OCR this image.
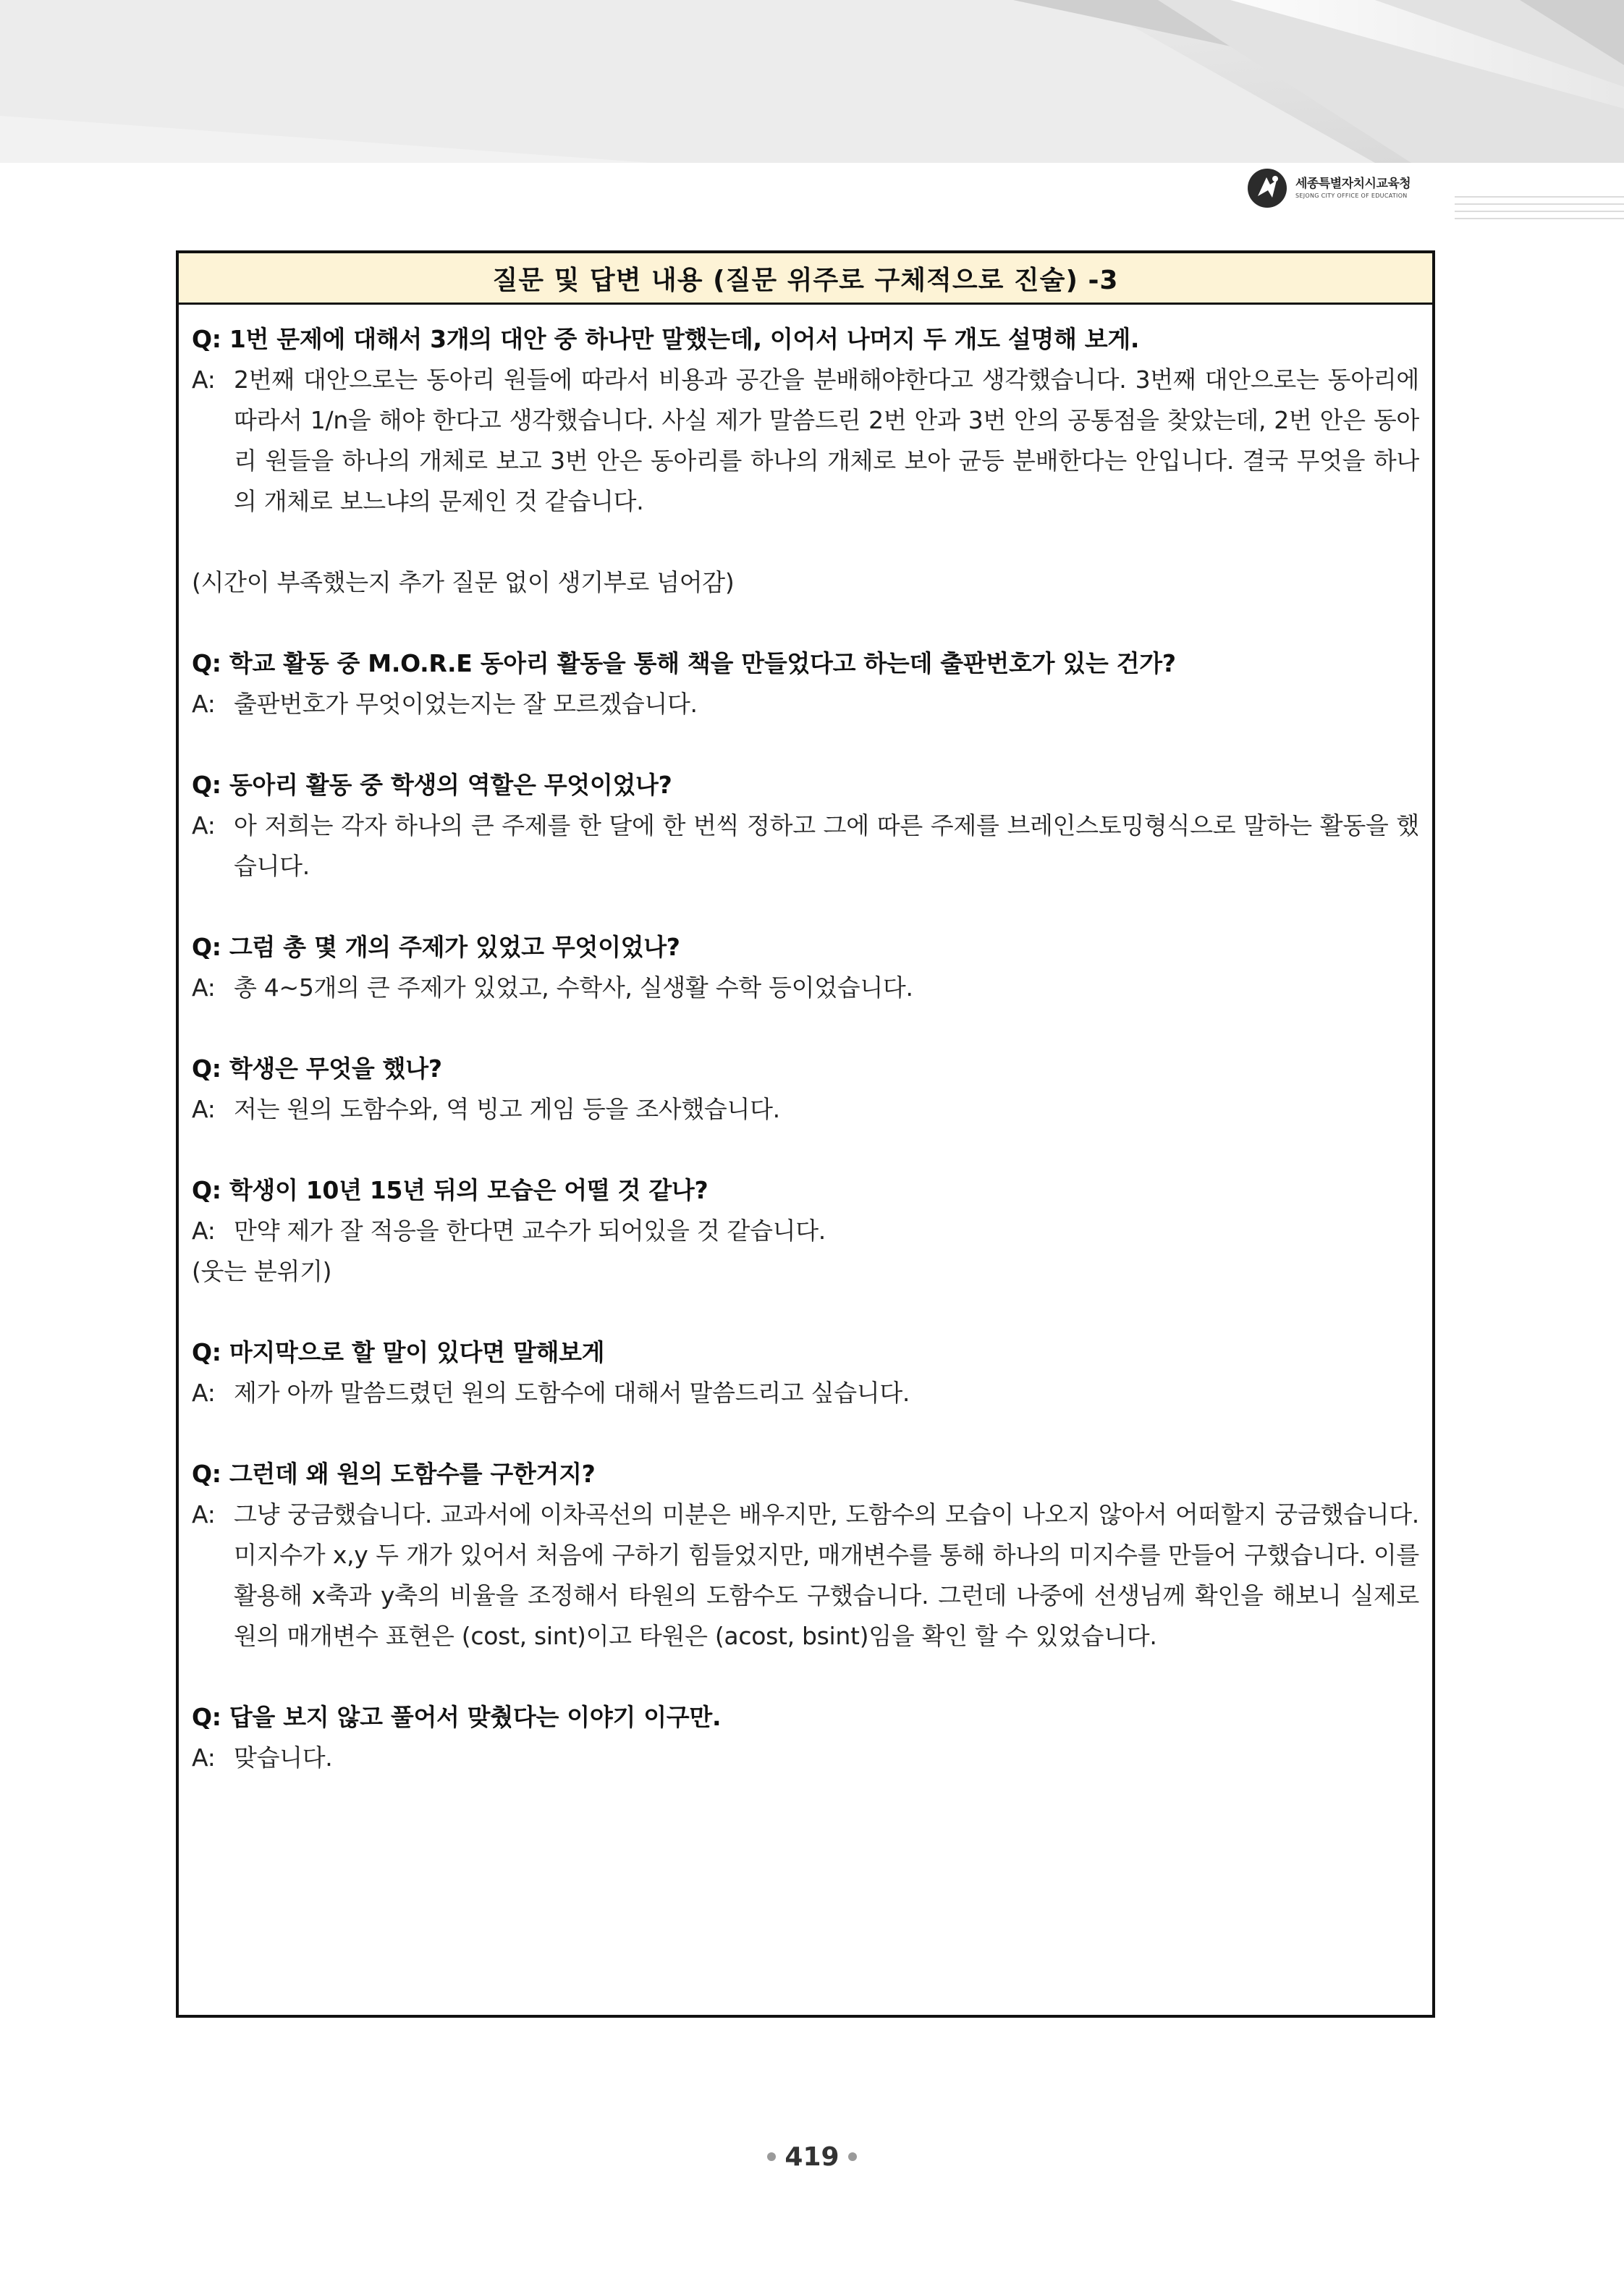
세종특별자치시교육청
SEJONG CITY OFFICE OF EDUCATION
질문 및 답변 내용 (질문 위주로 구체적으로 진술) -3
Q: 1번 문제에 대해서 3개의 대안 중 하나만 말했는데, 이어서 나머지 두 개도 설명해 보게.
A: 2번째 대안으로는 동아리 원들에 따라서 비용과 공간을 분배해야한다고 생각했습니다. 3번째 대안으로는 동아리에 따라서 1/n을 해야 한다고 생각했습니다. 사실 제가 말씀드린 2번 안과 3번 안의 공통점을 찾았는데, 2번 안은 동아리 원들을 하나의 개체로 보고 3번 안은 동아리를 하나의 개체로 보아 균등 분배한다는 안입니다. 결국 무엇을 하나의 개체로 보느냐의 문제인 것 같습니다.
(시간이 부족했는지 추가 질문 없이 생기부로 넘어감)
Q: 학교 활동 중 M.O.R.E 동아리 활동을 통해 책을 만들었다고 하는데 출판번호가 있는 건가?
A: 출판번호가 무엇이었는지는 잘 모르겠습니다.
Q: 동아리 활동 중 학생의 역할은 무엇이었나?
A: 아 저희는 각자 하나의 큰 주제를 한 달에 한 번씩 정하고 그에 따른 주제를 브레인스토밍형식으로 말하는 활동을 했습니다.
Q: 그럼 총 몇 개의 주제가 있었고 무엇이었나?
A: 총 4~5개의 큰 주제가 있었고, 수학사, 실생활 수학 등이었습니다.
Q: 학생은 무엇을 했나?
A: 저는 원의 도함수와, 역 빙고 게임 등을 조사했습니다.
Q: 학생이 10년 15년 뒤의 모습은 어떨 것 같나?
A: 만약 제가 잘 적응을 한다면 교수가 되어있을 것 같습니다.
(웃는 분위기)
Q: 마지막으로 할 말이 있다면 말해보게
A: 제가 아까 말씀드렸던 원의 도함수에 대해서 말씀드리고 싶습니다.
Q: 그런데 왜 원의 도함수를 구한거지?
A: 그냥 궁금했습니다. 교과서에 이차곡선의 미분은 배우지만, 도함수의 모습이 나오지 않아서 어떠할지 궁금했습니다. 미지수가 x,y 두 개가 있어서 처음에 구하기 힘들었지만, 매개변수를 통해 하나의 미지수를 만들어 구했습니다. 이를 활용해 x축과 y축의 비율을 조정해서 타원의 도함수도 구했습니다. 그런데 나중에 선생님께 확인을 해보니 실제로 원의 매개변수 표현은 (cost, sint)이고 타원은 (acost, bsint)임을 확인 할 수 있었습니다.
Q: 답을 보지 않고 풀어서 맞췄다는 이야기 이구만.
A: 맞습니다.
419
